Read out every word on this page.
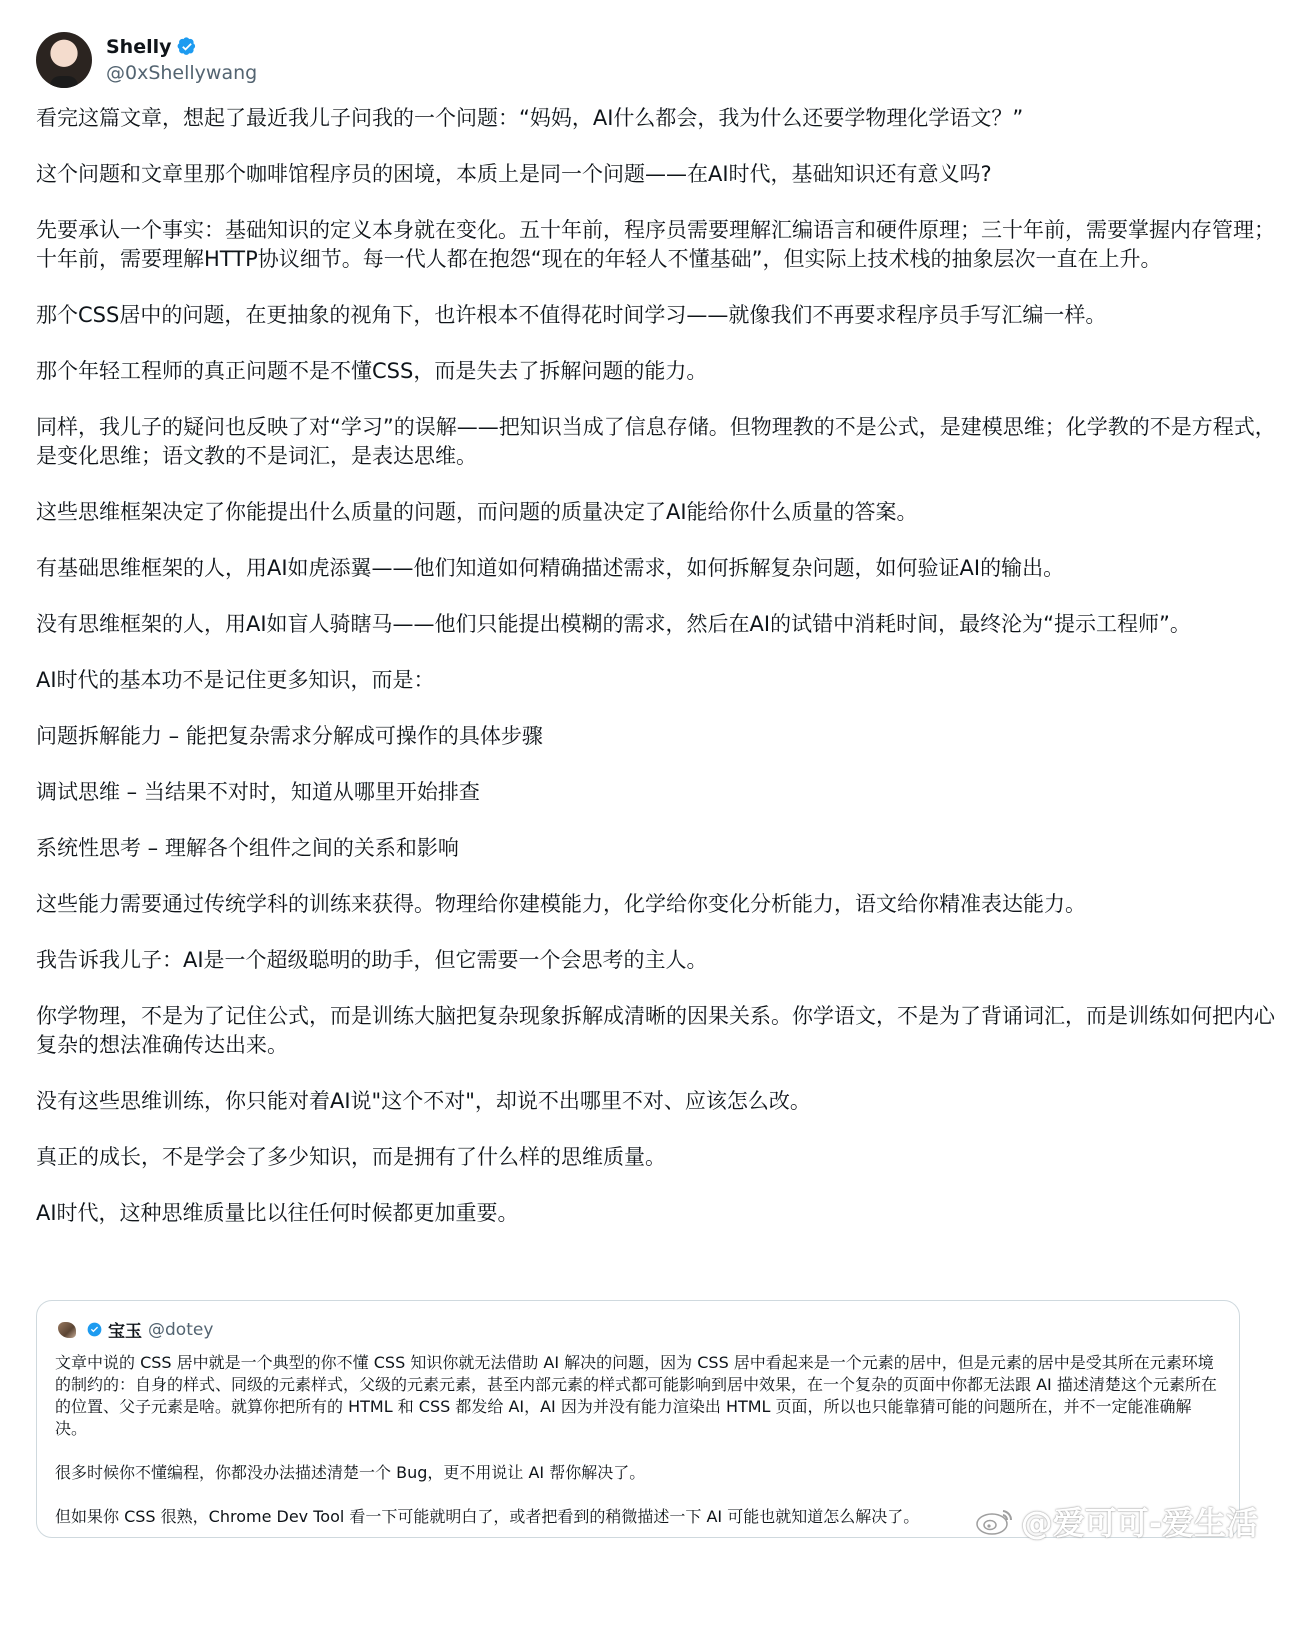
Shelly
@0xShellywang

看完这篇文章，想起了最近我儿子问我的一个问题：“妈妈，AI什么都会，我为什么还要学物理化学语文？”

这个问题和文章里那个咖啡馆程序员的困境，本质上是同一个问题——在AI时代，基础知识还有意义吗?

先要承认一个事实：基础知识的定义本身就在变化。五十年前，程序员需要理解汇编语言和硬件原理；三十年前，需要掌握内存管理；十年前，需要理解HTTP协议细节。每一代人都在抱怨“现在的年轻人不懂基础”，但实际上技术栈的抽象层次一直在上升。

那个CSS居中的问题，在更抽象的视角下，也许根本不值得花时间学习——就像我们不再要求程序员手写汇编一样。

那个年轻工程师的真正问题不是不懂CSS，而是失去了拆解问题的能力。

同样，我儿子的疑问也反映了对“学习”的误解——把知识当成了信息存储。但物理教的不是公式，是建模思维；化学教的不是方程式，是变化思维；语文教的不是词汇，是表达思维。

这些思维框架决定了你能提出什么质量的问题，而问题的质量决定了AI能给你什么质量的答案。

有基础思维框架的人，用AI如虎添翼——他们知道如何精确描述需求，如何拆解复杂问题，如何验证AI的输出。

没有思维框架的人，用AI如盲人骑瞎马——他们只能提出模糊的需求，然后在AI的试错中消耗时间，最终沦为“提示工程师”。

AI时代的基本功不是记住更多知识，而是：

问题拆解能力 – 能把复杂需求分解成可操作的具体步骤

调试思维 – 当结果不对时，知道从哪里开始排查

系统性思考 – 理解各个组件之间的关系和影响

这些能力需要通过传统学科的训练来获得。物理给你建模能力，化学给你变化分析能力，语文给你精准表达能力。

我告诉我儿子：AI是一个超级聪明的助手，但它需要一个会思考的主人。

你学物理，不是为了记住公式，而是训练大脑把复杂现象拆解成清晰的因果关系。你学语文，不是为了背诵词汇，而是训练如何把内心复杂的想法准确传达出来。

没有这些思维训练，你只能对着AI说"这个不对"，却说不出哪里不对、应该怎么改。

真正的成长，不是学会了多少知识，而是拥有了什么样的思维质量。

AI时代，这种思维质量比以往任何时候都更加重要。

宝玉 @dotey

文章中说的 CSS 居中就是一个典型的你不懂 CSS 知识你就无法借助 AI 解决的问题，因为 CSS 居中看起来是一个元素的居中，但是元素的居中是受其所在元素环境的制约的：自身的样式、同级的元素样式，父级的元素元素，甚至内部元素的样式都可能影响到居中效果，在一个复杂的页面中你都无法跟 AI 描述清楚这个元素所在的位置、父子元素是啥。就算你把所有的 HTML 和 CSS 都发给 AI，AI 因为并没有能力渲染出 HTML 页面，所以也只能靠猜可能的问题所在，并不一定能准确解决。

很多时候你不懂编程，你都没办法描述清楚一个 Bug，更不用说让 AI 帮你解决了。

但如果你 CSS 很熟，Chrome Dev Tool 看一下可能就明白了，或者把看到的稍微描述一下 AI 可能也就知道怎么解决了。	@爱可可-爱生活
